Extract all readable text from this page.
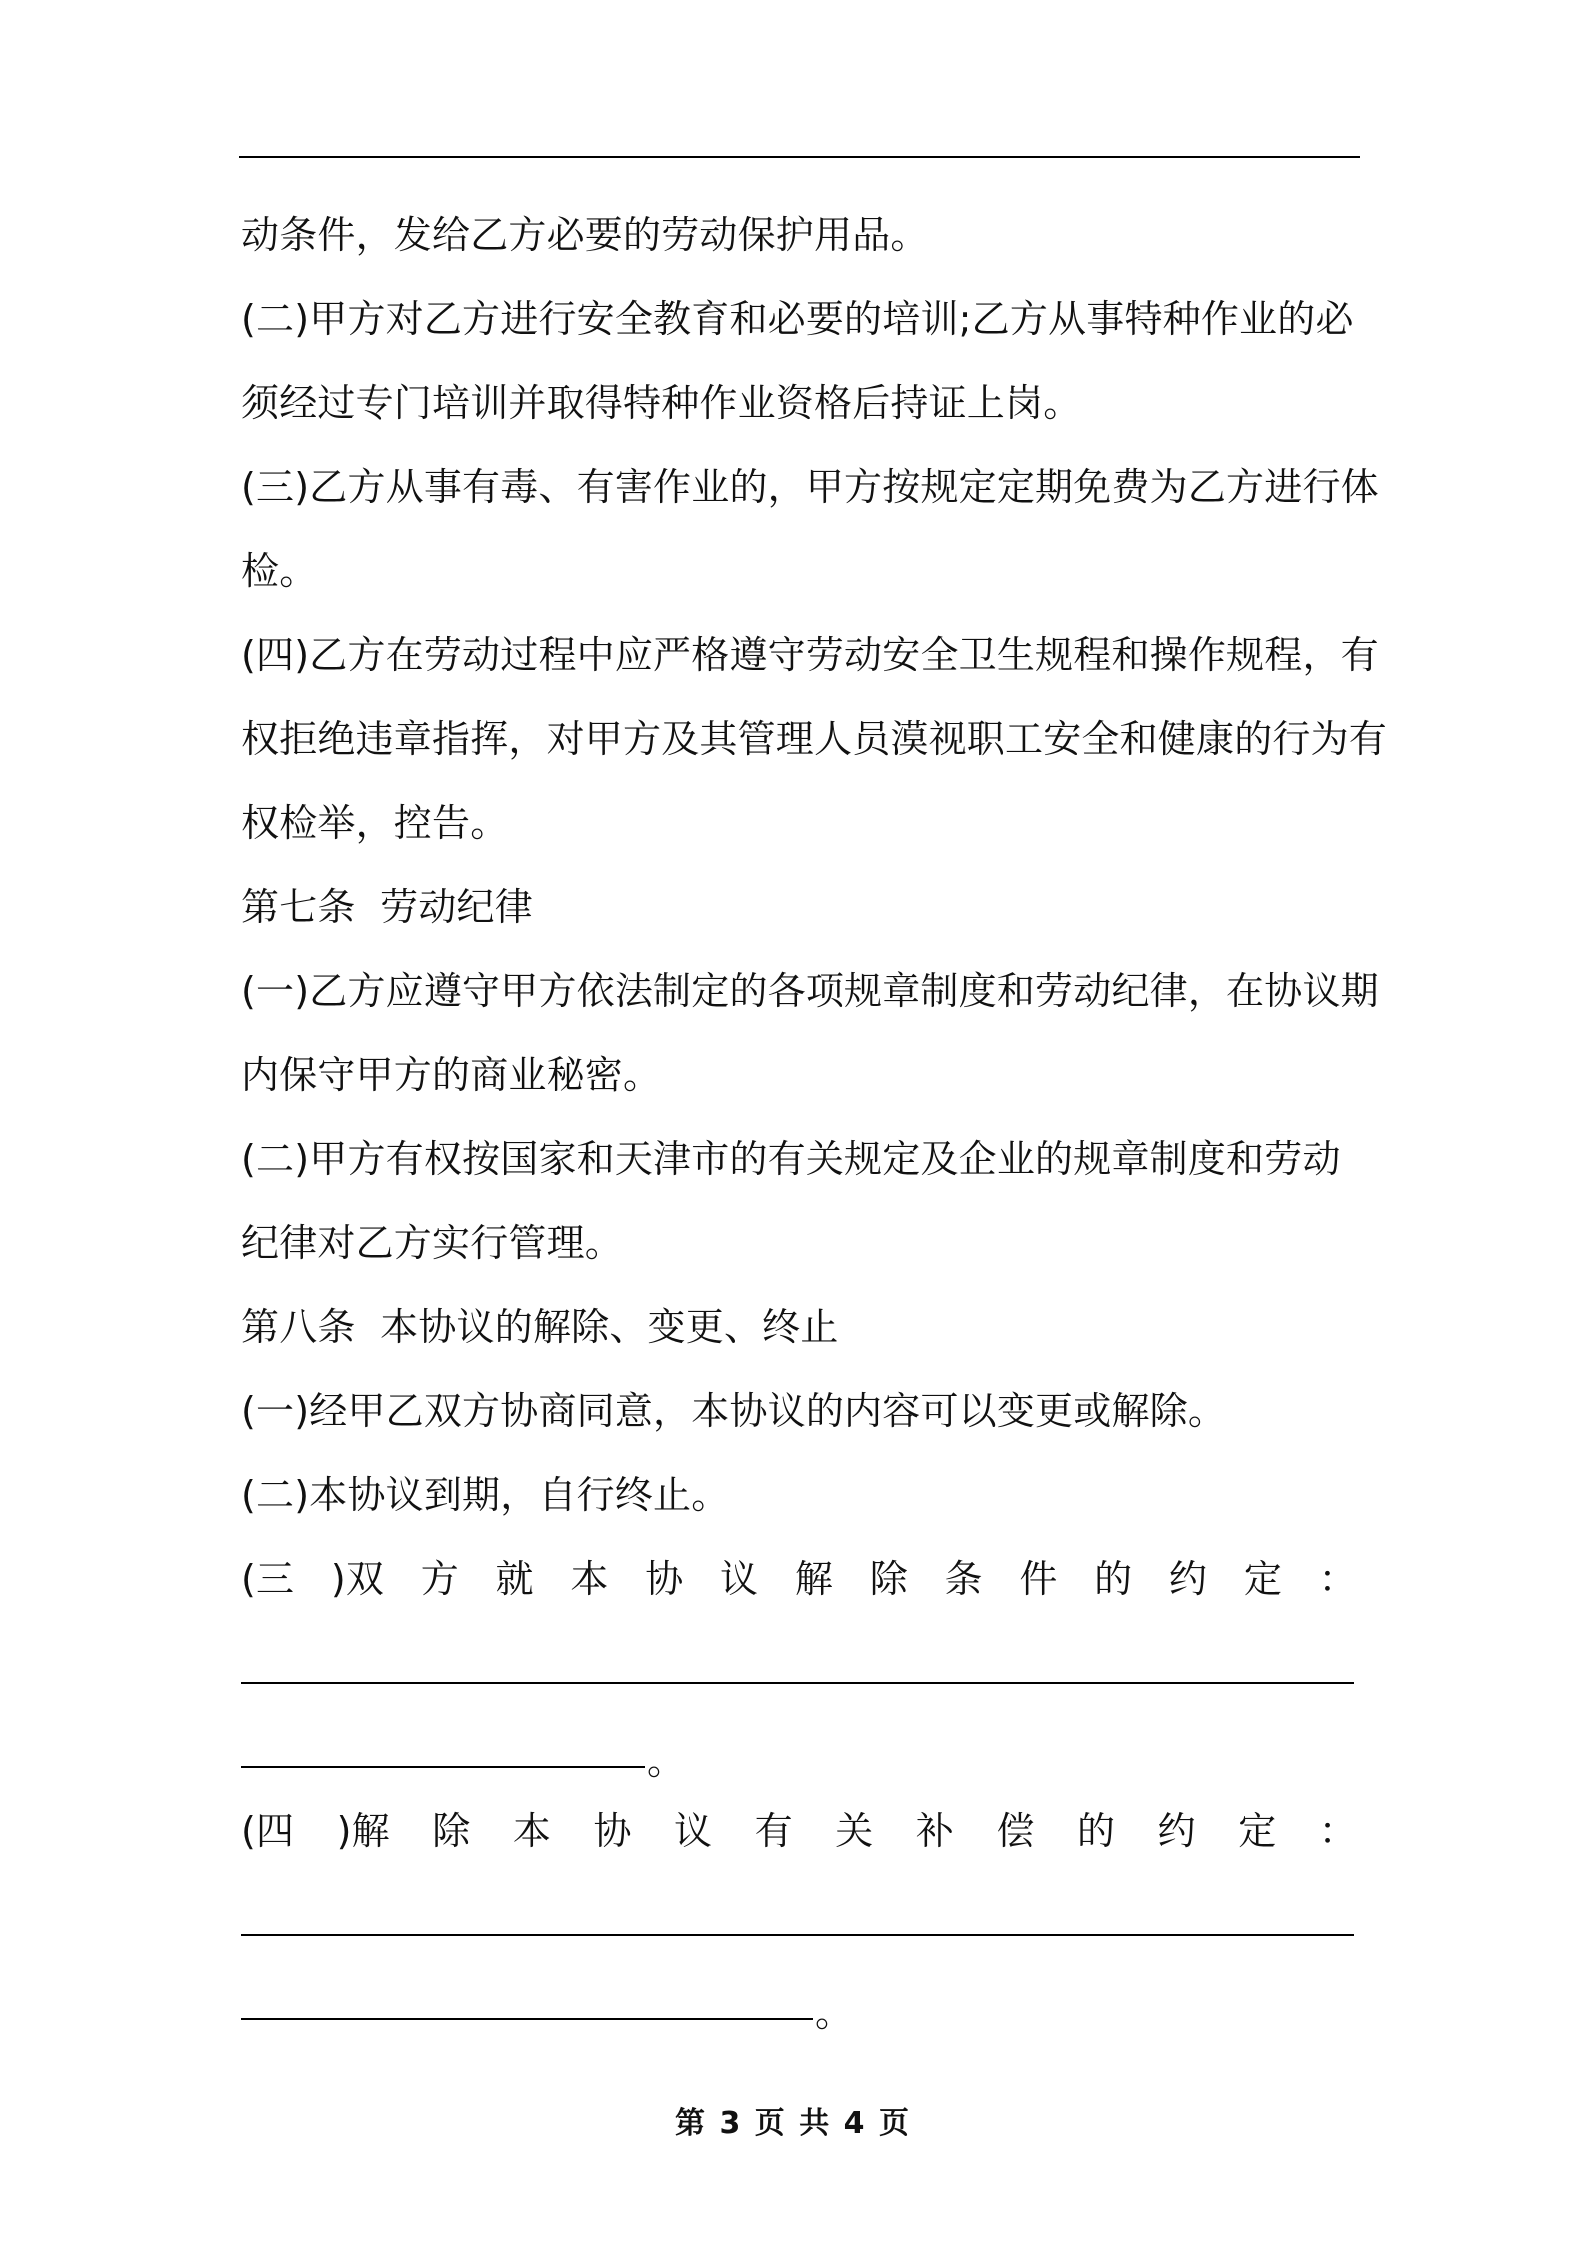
动条件，发给乙方必要的劳动保护用品。
(二)甲方对乙方进行安全教育和必要的培训;乙方从事特种作业的必
须经过专门培训并取得特种作业资格后持证上岗。
(三)乙方从事有毒、有害作业的，甲方按规定定期免费为乙方进行体
检。
(四)乙方在劳动过程中应严格遵守劳动安全卫生规程和操作规程，有
权拒绝违章指挥，对甲方及其管理人员漠视职工安全和健康的行为有
权检举，控告。
第七条  劳动纪律
(一)乙方应遵守甲方依法制定的各项规章制度和劳动纪律，在协议期
内保守甲方的商业秘密。
(二)甲方有权按国家和天津市的有关规定及企业的规章制度和劳动
纪律对乙方实行管理。
第八条  本协议的解除、变更、终止
(一)经甲乙双方协商同意，本协议的内容可以变更或解除。
(二)本协议到期，自行终止。
(三 )双 方 就 本 协 议 解 除 条 件 的 约 定 ：
。
(四 )解 除 本 协 议 有 关 补 偿 的 约 定 ：
。
第 3 页 共 4 页
